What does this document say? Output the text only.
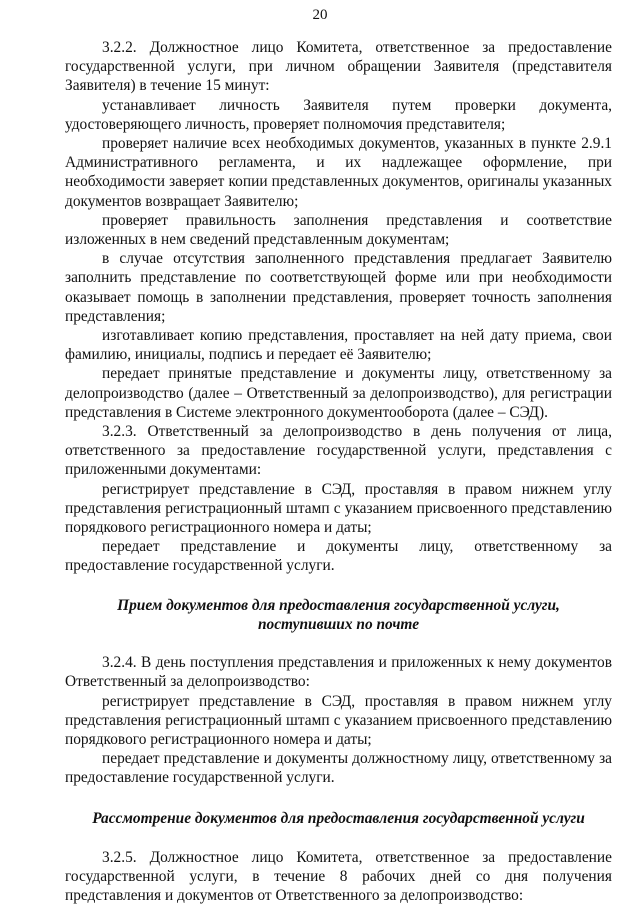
20

3.2.2. Должностное лицо Комитета, ответственное за предоставление государственной услуги, при личном обращении Заявителя (представителя Заявителя) в течение 15 минут:

устанавливает личность Заявителя путем проверки документа, удостоверяющего личность, проверяет полномочия представителя;

проверяет наличие всех необходимых документов, указанных в пункте 2.9.1 Административного регламента, и их надлежащее оформление, при необходимости заверяет копии представленных документов, оригиналы указанных документов возвращает Заявителю;

проверяет правильность заполнения представления и соответствие изложенных в нем сведений представленным документам;

в случае отсутствия заполненного представления предлагает Заявителю заполнить представление по соответствующей форме или при необходимости оказывает помощь в заполнении представления, проверяет точность заполнения представления;

изготавливает копию представления, проставляет на ней дату приема, свои фамилию, инициалы, подпись и передает её Заявителю;

передает принятые представление и документы лицу, ответственному за делопроизводство (далее – Ответственный за делопроизводство), для регистрации представления в Системе электронного документооборота (далее – СЭД).

3.2.3. Ответственный за делопроизводство в день получения от лица, ответственного за предоставление государственной услуги, представления с приложенными документами:

регистрирует представление в СЭД, проставляя в правом нижнем углу представления регистрационный штамп с указанием присвоенного представлению порядкового регистрационного номера и даты;

передает представление и документы лицу, ответственному за предоставление государственной услуги.

Прием документов для предоставления государственной услуги,
поступивших по почте

3.2.4. В день поступления представления и приложенных к нему документов Ответственный за делопроизводство:

регистрирует представление в СЭД, проставляя в правом нижнем углу представления регистрационный штамп с указанием присвоенного представлению порядкового регистрационного номера и даты;

передает представление и документы должностному лицу, ответственному за предоставление государственной услуги.

Рассмотрение документов для предоставления государственной услуги

3.2.5. Должностное лицо Комитета, ответственное за предоставление государственной услуги, в течение 8 рабочих дней со дня получения представления и документов от Ответственного за делопроизводство:
